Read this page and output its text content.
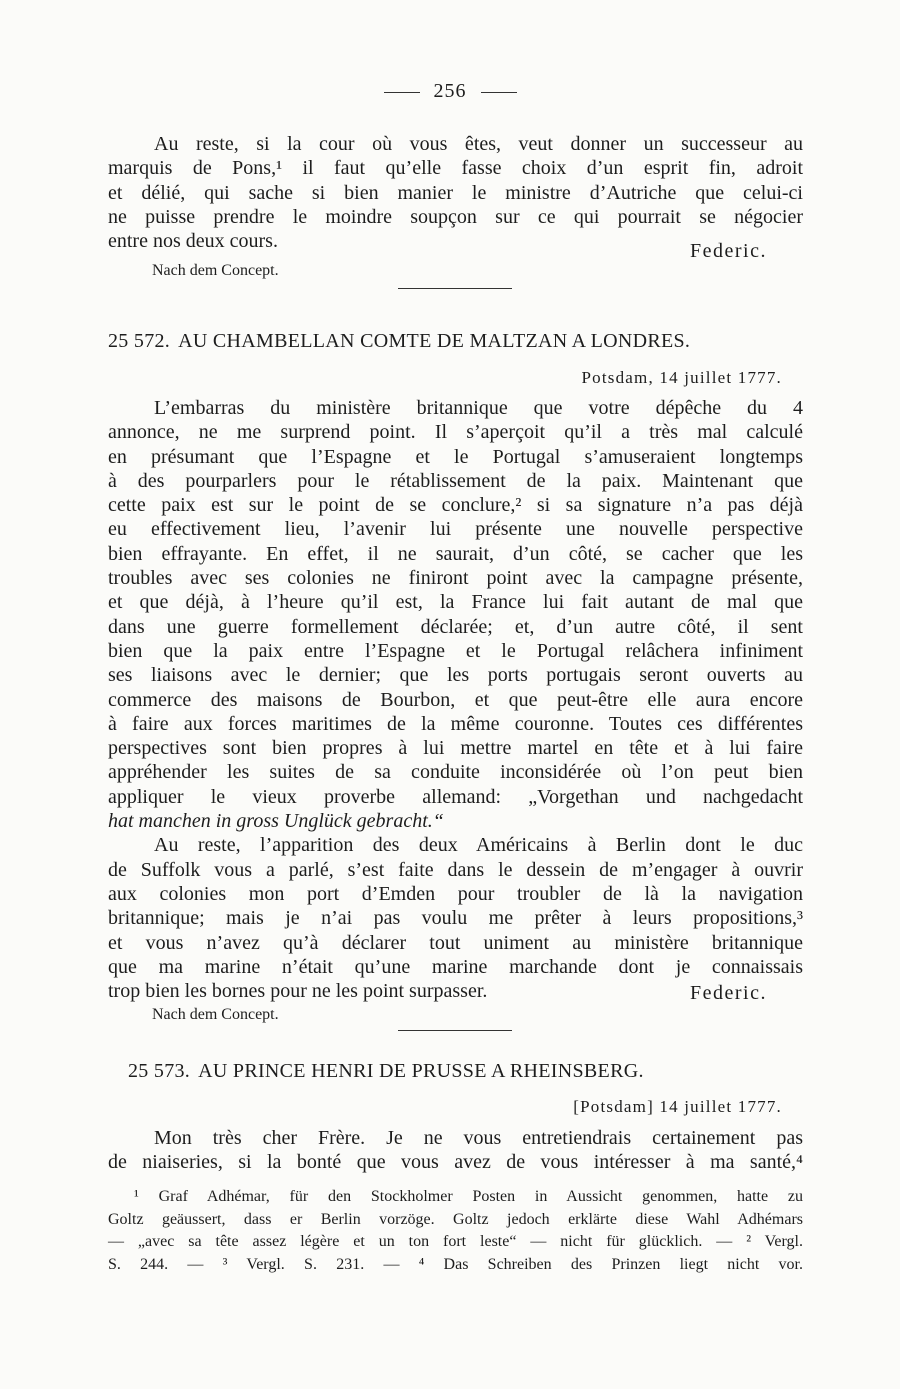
256

Au reste, si la cour où vous êtes, veut donner un successeur au
marquis de Pons,¹ il faut qu’elle fasse choix d’un esprit fin, adroit
et délié, qui sache si bien manier le ministre d’Autriche que celui-ci
ne puisse prendre le moindre soupçon sur ce qui pourrait se négocier
entre nos deux cours.	Federic.
Nach dem Concept.
25 572. AU CHAMBELLAN COMTE DE MALTZAN A LONDRES.
Potsdam, 14 juillet 1777.

L’embarras du ministère britannique que votre dépêche du 4
annonce, ne me surprend point. Il s’aperçoit qu’il a très mal calculé
en présumant que l’Espagne et le Portugal s’amuseraient longtemps
à des pourparlers pour le rétablissement de la paix. Maintenant que
cette paix est sur le point de se conclure,² si sa signature n’a pas déjà
eu effectivement lieu, l’avenir lui présente une nouvelle perspective
bien effrayante. En effet, il ne saurait, d’un côté, se cacher que les
troubles avec ses colonies ne finiront point avec la campagne présente,
et que déjà, à l’heure qu’il est, la France lui fait autant de mal que
dans une guerre formellement déclarée; et, d’un autre côté, il sent
bien que la paix entre l’Espagne et le Portugal relâchera infiniment
ses liaisons avec le dernier; que les ports portugais seront ouverts au
commerce des maisons de Bourbon, et que peut-être elle aura encore
à faire aux forces maritimes de la même couronne. Toutes ces différentes
perspectives sont bien propres à lui mettre martel en tête et à lui faire
appréhender les suites de sa conduite inconsidérée où l’on peut bien
appliquer le vieux proverbe allemand: „Vorgethan und nachgedacht
hat manchen in gross Unglück gebracht.“

Au reste, l’apparition des deux Américains à Berlin dont le duc
de Suffolk vous a parlé, s’est faite dans le dessein de m’engager à ouvrir
aux colonies mon port d’Emden pour troubler de là la navigation
britannique; mais je n’ai pas voulu me prêter à leurs propositions,³
et vous n’avez qu’à déclarer tout uniment au ministère britannique
que ma marine n’était qu’une marine marchande dont je connaissais
trop bien les bornes pour ne les point surpasser.	Federic.
Nach dem Concept.
25 573. AU PRINCE HENRI DE PRUSSE A RHEINSBERG.
[Potsdam] 14 juillet 1777.

Mon très cher Frère. Je ne vous entretiendrais certainement pas
de niaiseries, si la bonté que vous avez de vous intéresser à ma santé,⁴

¹ Graf Adhémar, für den Stockholmer Posten in Aussicht genommen, hatte zu
Goltz geäussert, dass er Berlin vorzöge. Goltz jedoch erklärte diese Wahl Adhémars
— „avec sa tête assez légère et un ton fort leste“ — nicht für glücklich. — ² Vergl.
S. 244. — ³ Vergl. S. 231. — ⁴ Das Schreiben des Prinzen liegt nicht vor.
